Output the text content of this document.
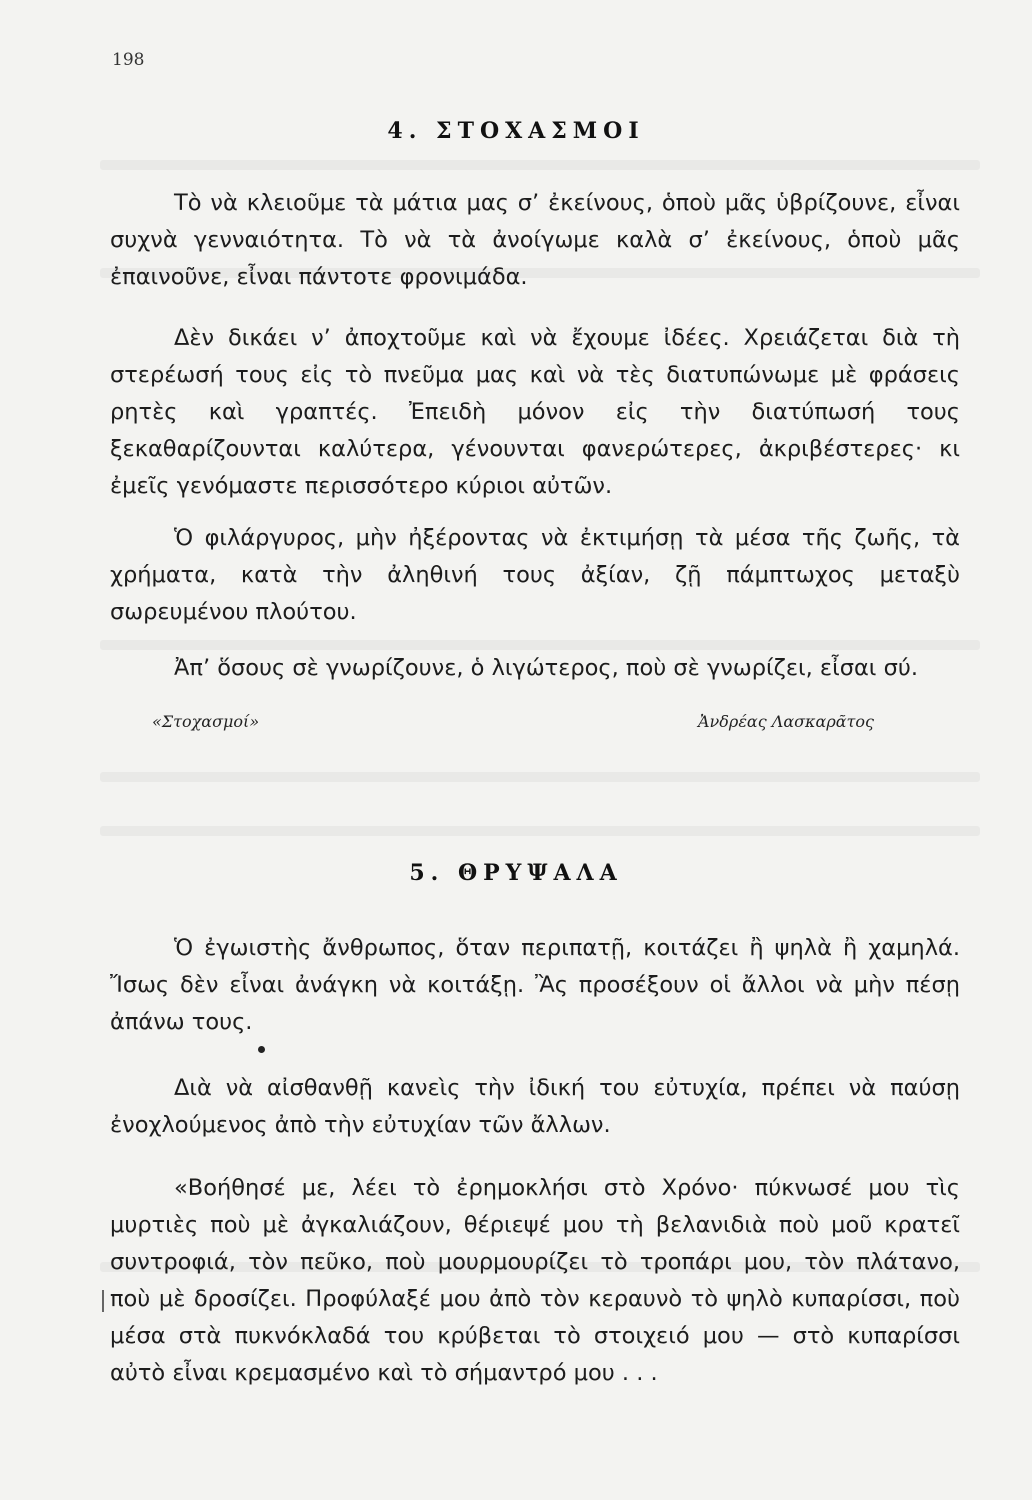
198
4. ΣΤΟΧΑΣΜΟΙ

Τὸ νὰ κλειοῦμε τὰ μάτια μας σ’ ἐκείνους, ὁποὺ μᾶς ὑβρίζουνε, εἶναι συχνὰ γενναιότητα. Τὸ νὰ τὰ ἀνοίγωμε καλὰ σ’ ἐκείνους, ὁποὺ μᾶς ἐπαινοῦνε, εἶναι πάντοτε φρονιμάδα.

Δὲν δικάει ν’ ἀποχτοῦμε καὶ νὰ ἔχουμε ἰδέες. Χρειάζεται διὰ τὴ στερέωσή τους εἰς τὸ πνεῦμα μας καὶ νὰ τὲς διατυπώνωμε μὲ φράσεις ρητὲς καὶ γραπτές. Ἐπειδὴ μόνον εἰς τὴν διατύπωσή τους ξεκαθαρίζουνται καλύτερα, γένουνται φανερώτερες, ἀκριβέστερες· κι ἐμεῖς γενόμαστε περισσότερο κύριοι αὐτῶν.

Ὁ φιλάργυρος, μὴν ἠξέροντας νὰ ἐκτιμήσῃ τὰ μέσα τῆς ζωῆς, τὰ χρήματα, κατὰ τὴν ἀληθινή τους ἀξίαν, ζῇ πάμπτωχος μεταξὺ σωρευμένου πλούτου.

Ἀπ’ ὅσους σὲ γνωρίζουνε, ὁ λιγώτερος, ποὺ σὲ γνωρίζει, εἶσαι σύ.

«Στοχασμοί»	Ἀνδρέας Λασκαρᾶτος
5. ΘΡΥΨΑΛΑ

Ὁ ἐγωιστὴς ἄνθρωπος, ὅταν περιπατῇ, κοιτάζει ἢ ψηλὰ ἢ χαμηλά. Ἴσως δὲν εἶναι ἀνάγκη νὰ κοιτάξῃ. Ἂς προσέξουν οἱ ἄλλοι νὰ μὴν πέσῃ ἀπάνω τους.

Διὰ νὰ αἰσθανθῇ κανεὶς τὴν ἰδική του εὐτυχία, πρέπει νὰ παύσῃ ἐνοχλούμενος ἀπὸ τὴν εὐτυχίαν τῶν ἄλλων.

«Βοήθησέ με, λέει τὸ ἐρημοκλήσι στὸ Χρόνο· πύκνωσέ μου τὶς μυρτιὲς ποὺ μὲ ἀγκαλιάζουν, θέριεψέ μου τὴ βελανιδιὰ ποὺ μοῦ κρατεῖ συντροφιά, τὸν πεῦκο, ποὺ μουρμουρίζει τὸ τροπάρι μου, τὸν πλάτανο, ποὺ μὲ δροσίζει. Προφύλαξέ μου ἀπὸ τὸν κεραυνὸ τὸ ψηλὸ κυπαρίσσι, ποὺ μέσα στὰ πυκνόκλαδά του κρύβεται τὸ στοιχειό μου — στὸ κυπαρίσσι αὐτὸ εἶναι κρεμασμένο καὶ τὸ σήμαντρό μου . . .
